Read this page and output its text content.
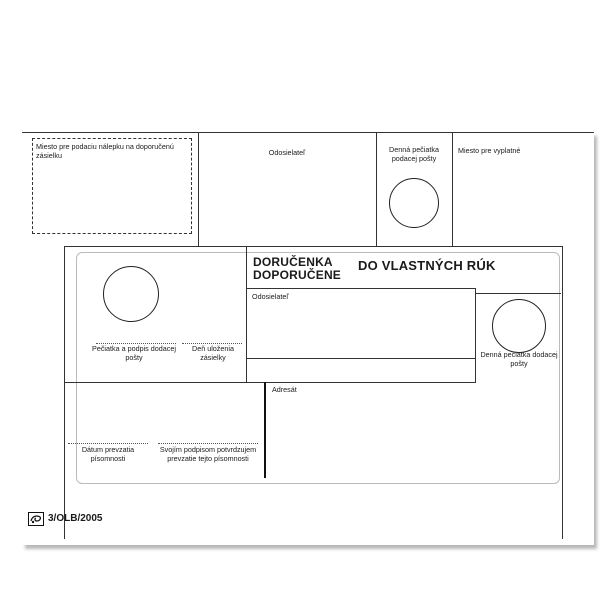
Miesto pre podaciu nálepku na doporučenú zásielku	Odosielateľ	Denná pečiatka podacej pošty
Miesto pre vyplatné
Pečiatka a podpis dodacej pošty
Deň uloženia zásielky
DORUČENKA
DOPORUČENE
DO VLASTNÝCH RÚK
Odosielateľ
Denná pečiatka dodacej pošty
Adresát
Dátum prevzatia písomnosti
Svojím podpisom potvrdzujem prevzatie tejto písomnosti
3/OLB/2005
